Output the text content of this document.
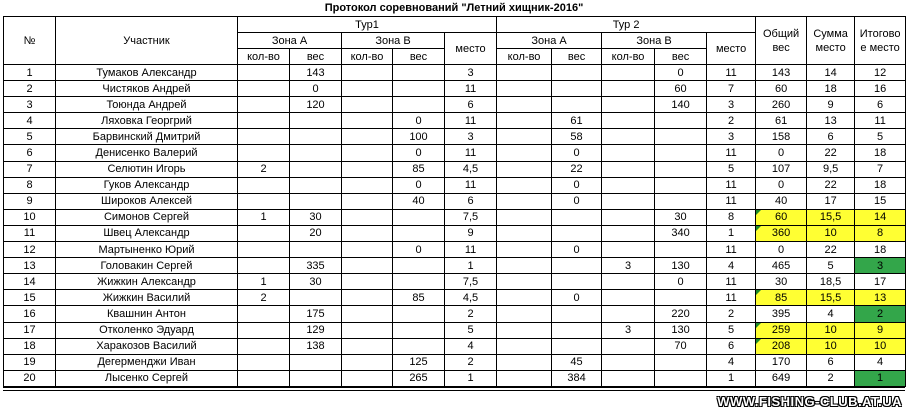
Протокол соревнований "Летний хищник-2016"
№	Участник	Тур1					Тур 2					Общий вес	Сумма место	Итогово е место
		Зона А		Зона В		место	Зона А		Зона В		место			
		кол-во	вес	кол-во	вес		кол-во	вес	кол-во	вес				
1	Тумаков Александр		143			3				0	11	143	14	12
2	Чистяков Андрей		0			11				60	7	60	18	16
3	Тоюнда Андрей		120			6				140	3	260	9	6
4	Ляховка Георгрий				0	11		61			2	61	13	11
5	Барвинский Дмитрий				100	3		58			3	158	6	5
6	Денисенко Валерий				0	11		0			11	0	22	18
7	Селютин Игорь	2			85	4,5		22			5	107	9,5	7
8	Гуков Александр				0	11		0			11	0	22	18
9	Широков Алексей				40	6		0			11	40	17	15
10	Симонов Сергей	1	30			7,5				30	8	60	15,5	14
11	Швец Александр		20			9				340	1	360	10	8
12	Мартыненко Юрий				0	11		0			11	0	22	18
13	Головакин Сергей		335			1			3	130	4	465	5	3
14	Жижкин Александр	1	30			7,5				0	11	30	18,5	17
15	Жижкин Василий	2			85	4,5		0			11	85	15,5	13
16	Квашнин Антон		175			2				220	2	395	4	2
17	Отколенко Эдуард		129			5			3	130	5	259	10	9
18	Харакозов Василий		138			4				70	6	208	10	10
19	Дегерменджи Иван				125	2		45			4	170	6	4
20	Лысенко Сергей				265	1		384			1	649	2	1
WWW.FISHING-CLUB.AT.UA
